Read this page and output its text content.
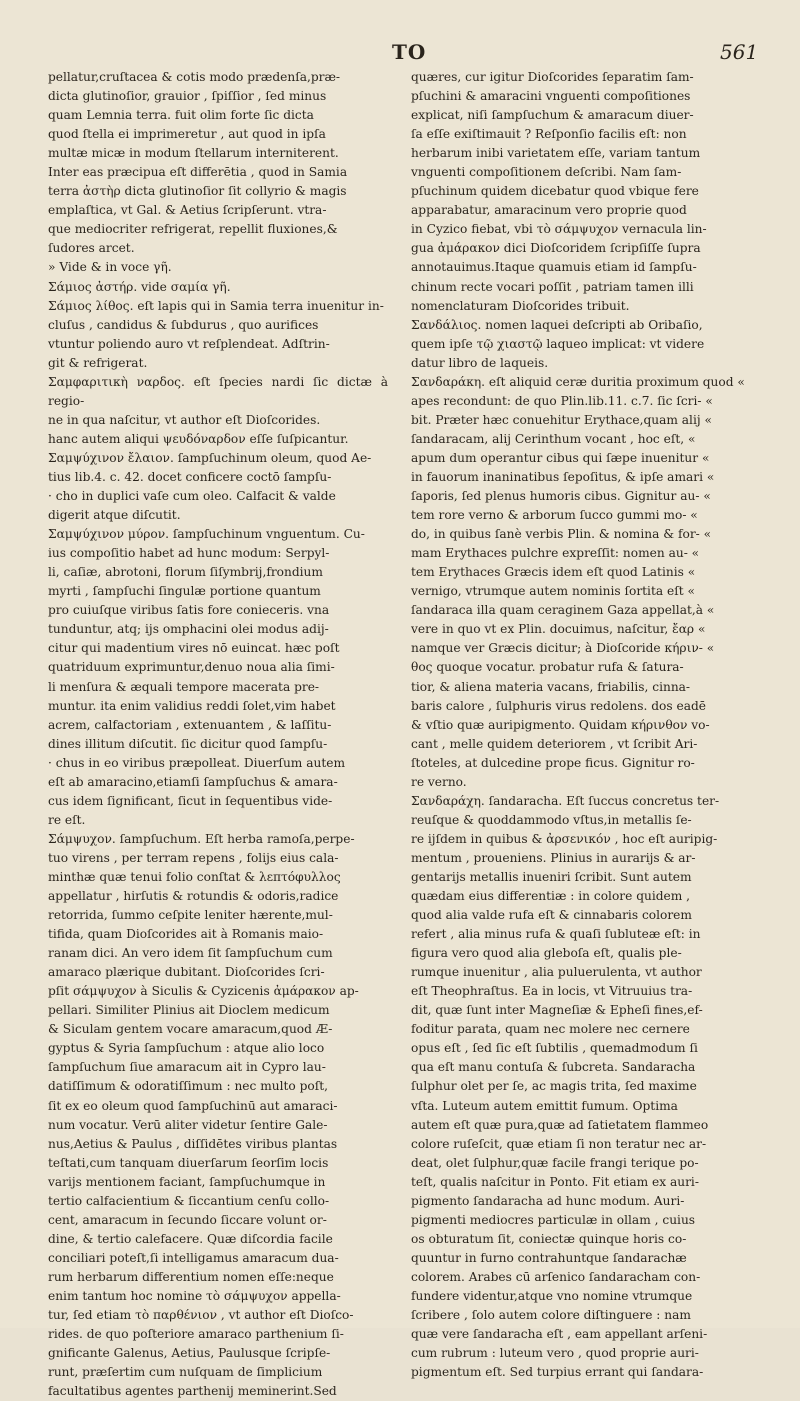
TO	561
pellatur,cruſtacea & cotis modo prædenſa,præ-
dicta glutinoſior, grauior , ſpiſſior , ſed minus
quam Lemnia terra. fuit olim forte ſic dicta
quod ſtella ei imprimeretur , aut quod in ipſa
multæ micæ in modum ſtellarum interniterent.
Inter eas præcipua eſt differētia , quod in Samia
terra ἀστὴρ dicta glutinoſior ſit collyrio & magis
emplaſtica, vt Gal. & Aetius ſcripſerunt. vtra-
que mediocriter refrigerat, repellit fluxiones,&
ſudores arcet.
» Vide & in voce γῆ.
Σάμιος ἀστήρ. vide σαμία γῆ.
Σάμιος λίθος. eſt lapis qui in Samia terra inuenitur in-
cluſus , candidus & ſubdurus , quo aurifices
vtuntur poliendo auro vt reſplendeat. Adſtrin-
git & refrigerat.
Σαμφαριτικὴ ναρδος. eſt ſpecies nardi ſic dictæ à regio-
ne in qua naſcitur, vt author eſt Dioſcorides.
hanc autem aliqui ψευδόναρδον eſſe ſuſpicantur.
Σαμψύχινον ἔλαιον. ſampſuchinum oleum, quod Ae-
tius lib.4. c. 42. docet conficere coctō ſampſu-
· cho in duplici vaſe cum oleo. Calfacit & valde
digerit atque diſcutit.
Σαμψύχινον μύρον. ſampſuchinum vnguentum. Cu-
ius compoſitio habet ad hunc modum: Serpyl-
li, caſiæ, abrotoni, florum ſiſymbrij,frondium
myrti , ſampſuchi ſingulæ portione quantum
pro cuiuſque viribus ſatis fore conieceris. vna
tunduntur, atq; ijs omphacini olei modus adij-
citur qui madentium vires nō euincat. hæc poſt
quatriduum exprimuntur,denuo noua alia ſimi-
li menſura & æquali tempore macerata pre-
muntur. ita enim validius reddi ſolet,vim habet
acrem, calfactoriam , extenuantem , & laſſitu-
dines illitum diſcutit. ſic dicitur quod ſampſu-
· chus in eo viribus præpolleat. Diuerſum autem
eſt ab amaracino,etiamſi ſampſuchus & amara-
cus idem ſignificant, ſicut in ſequentibus vide-
re eſt.
Σάμψυχον. ſampſuchum. Eſt herba ramoſa,perpe-
tuo virens , per terram repens , folijs eius cala-
minthæ quæ tenui folio conſtat & λεπτόφυλλος
appellatur , hirſutis & rotundis & odoris,radice
retorrida, ſummo ceſpite leniter hærente,mul-
tifida, quam Dioſcorides ait à Romanis maio-
ranam dici. An vero idem ſit ſampſuchum cum
amaraco plærique dubitant. Dioſcorides ſcri-
pſit σάμψυχον à Siculis & Cyzicenis ἀμάρακον ap-
pellari. Similiter Plinius ait Dioclem medicum
& Siculam gentem vocare amaracum,quod Æ-
gyptus & Syria ſampſuchum : atque alio loco
ſampſuchum ſiue amaracum ait in Cypro lau-
datiſſimum & odoratiſſimum : nec multo poſt,
ſit ex eo oleum quod ſampſuchinū aut amaraci-
num vocatur. Verū aliter videtur ſentire Gale-
nus,Aetius & Paulus , diſſidētes viribus plantas
teſtati,cum tanquam diuerſarum ſeorſim locis
varijs mentionem faciant, ſampſuchumque in
tertio calfacientium & ſiccantium cenſu collo-
cent, amaracum in ſecundo ſiccare volunt or-
dine, & tertio calefacere. Quæ diſcordia facile
conciliari poteſt,ſi intelligamus amaracum dua-
rum herbarum differentium nomen eſſe:neque
enim tantum hoc nomine τὸ σάμψυχον appella-
tur, ſed etiam τὸ παρθένιον , vt author eſt Dioſco-
rides. de quo poſteriore amaraco parthenium ſi-
gnificante Galenus, Aetius, Paulusque ſcripſe-
runt, præſertim cum nuſquam de ſimplicium
facultatibus agentes parthenij meminerint.Sed
quæres, cur igitur Dioſcorides ſeparatim ſam-
pſuchini & amaracini vnguenti compoſitiones
explicat, niſi ſampſuchum & amaracum diuer-
ſa eſſe exiſtimauit ? Reſponſio facilis eſt: non
herbarum inibi varietatem eſſe, variam tantum
vnguenti compoſitionem deſcribi. Nam ſam-
pſuchinum quidem dicebatur quod vbique fere
apparabatur, amaracinum vero proprie quod
in Cyzico fiebat, vbi τὸ σάμψυχον vernacula lin-
gua ἀμάρακον dici Dioſcoridem ſcripſiſſe ſupra
annotauimus.Itaque quamuis etiam id ſampſu-
chinum recte vocari poſſit , patriam tamen illi
nomenclaturam Dioſcorides tribuit.
Σανδάλιος. nomen laquei deſcripti ab Oribaſio,
quem ipſe τῷ χιαστῷ laqueo implicat: vt videre
datur libro de laqueis.
Σανδαράκη. eſt aliquid ceræ duritia proximum quod «
apes recondunt: de quo Plin.lib.11. c.7. ſic ſcri- «
bit. Præter hæc conuehitur Erythace,quam alij «
ſandaracam, alij Cerinthum vocant , hoc eſt, «
apum dum operantur cibus qui ſæpe inuenitur «
in fauorum inaninatibus ſepoſitus, & ipſe amari «
ſaporis, ſed plenus humoris cibus. Gignitur au- «
tem rore verno & arborum ſucco gummi mo- «
do, in quibus ſanè verbis Plin. & nomina & for- «
mam Erythaces pulchre expreſſit: nomen au- «
tem Erythaces Græcis idem eſt quod Latinis «
vernigo, vtrumque autem nominis ſortita eſt «
ſandaraca illa quam ceraginem Gaza appellat,à «
vere in quo vt ex Plin. docuimus, naſcitur, ἔαρ «
namque ver Græcis dicitur; à Dioſcoride κήριν- «
θος quoque vocatur. probatur rufa & ſatura-
tior, & aliena materia vacans, friabilis, cinna-
baris calore , ſulphuris virus redolens. dos eadē
& vſtio quæ auripigmento. Quidam κήρινθον vo-
cant , melle quidem deteriorem , vt ſcribit Ari-
ſtoteles, at dulcedine prope ficus. Gignitur ro-
re verno.
Σανδαράχη. ſandaracha. Eſt ſuccus concretus ter-
reuſque & quoddammodo vſtus,in metallis ſe-
re ijſdem in quibus & ἀρσενικόν , hoc eſt auripig-
mentum , proueniens. Plinius in aurarijs & ar-
gentarijs metallis inueniri ſcribit. Sunt autem
quædam eius differentiæ : in colore quidem ,
quod alia valde rufa eſt & cinnabaris colorem
refert , alia minus rufa & quaſi ſubluteæ eſt: in
figura vero quod alia gleboſa eſt, qualis ple-
rumque inuenitur , alia puluerulenta, vt author
eſt Theophraſtus. Ea in locis, vt Vitruuius tra-
dit, quæ ſunt inter Magneſiæ & Epheſi fines,ef-
foditur parata, quam nec molere nec cernere
opus eſt , ſed ſic eſt ſubtilis , quemadmodum ſi
qua eſt manu contuſa & ſubcreta. Sandaracha
ſulphur olet per ſe, ac magis trita, ſed maxime
vſta. Luteum autem emittit fumum. Optima
autem eſt quæ pura,quæ ad ſatietatem flammeo
colore ruſeſcit, quæ etiam ſi non teratur nec ar-
deat, olet ſulphur,quæ facile frangi terique po-
teſt, qualis naſcitur in Ponto. Fit etiam ex auri-
pigmento ſandaracha ad hunc modum. Auri-
pigmenti mediocres particulæ in ollam , cuius
os obturatum ſit, coniectæ quinque horis co-
quuntur in furno contrahuntque ſandarachæ
colorem. Arabes cū arſenico ſandaracham con-
fundere videntur,atque vno nomine vtrumque
ſcribere , ſolo autem colore diſtinguere : nam
quæ vere ſandaracha eſt , eam appellant arſeni-
cum rubrum : luteum vero , quod proprie auri-
pigmentum eſt. Sed turpius errant qui ſandara-
